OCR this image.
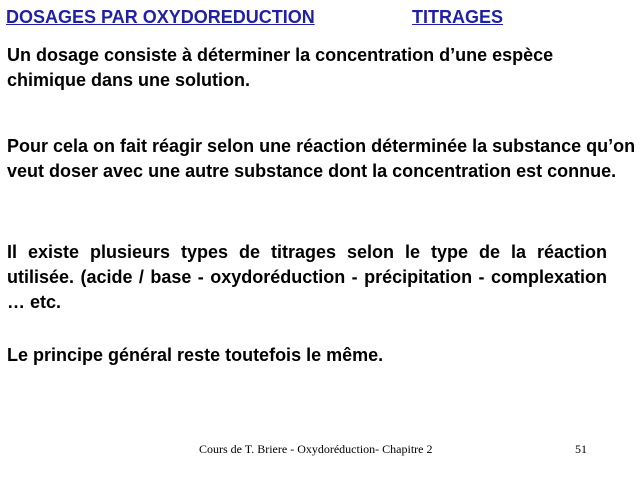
DOSAGES PAR OXYDOREDUCTION	TITRAGES

Un dosage consiste à déterminer la concentration d’une espèce chimique dans une solution.

Pour cela on fait réagir selon une réaction déterminée la substance qu’on veut doser avec une autre substance dont la concentration est connue.

Il existe plusieurs types de titrages selon le type de la réaction utilisée. (acide / base - oxydoréduction - précipitation - complexation … etc.

Le principe général reste toutefois le même.

Cours de T. Briere - Oxydoréduction- Chapitre 2	51
